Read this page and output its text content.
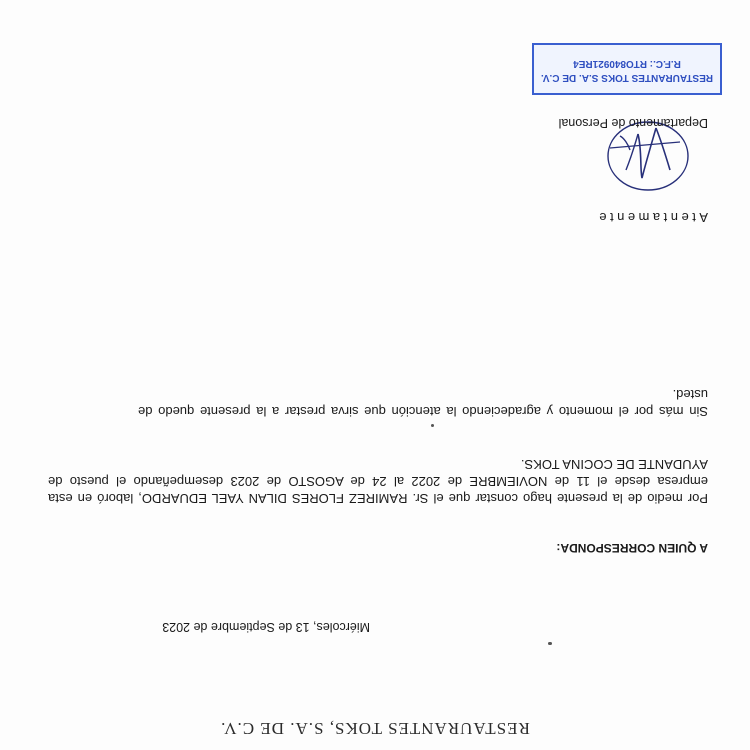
RESTAURANTES TOKS, S.A. DE C.V.
Miércoles, 13 de Septiembre de 2023
A QUIEN CORRESPONDA:
Por medio de la presente hago constar que el Sr. RAMIREZ FLORES DILAN YAEL EDUARDO, laboró en esta empresa desde el 11 de NOVIEMBRE de 2022 al 24 de AGOSTO de 2023 desempeñando el puesto de AYUDANTE DE COCINA TOKS.
Sin más por el momento y agradeciendo la atención que sirva prestar a la presente quedo de usted.
Atentamente
Departamento de Personal
RESTAURANTES TOKS S.A. DE C.V.
R.F.C.: RTO840921RE4
